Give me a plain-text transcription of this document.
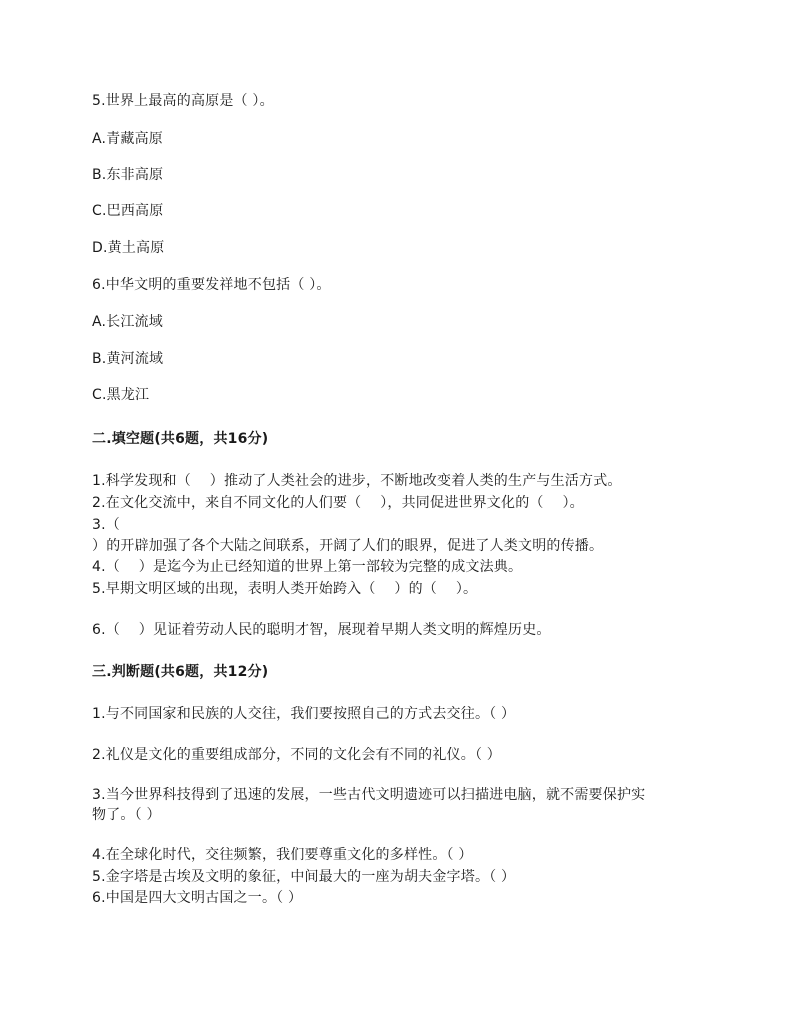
5.世界上最高的高原是（ ）。
A.青藏高原
B.东非高原
C.巴西高原
D.黄土高原
6.中华文明的重要发祥地不包括（ ）。
A.长江流域
B.黄河流域
C.黑龙江
二.填空题(共6题，共16分)
1.科学发现和（　 ）推动了人类社会的进步，不断地改变着人类的生产与生活方式。
2.在文化交流中，来自不同文化的人们要（　 ），共同促进世界文化的（　 ）。
3.（
）的开辟加强了各个大陆之间联系，开阔了人们的眼界，促进了人类文明的传播。
4.（　 ）是迄今为止已经知道的世界上第一部较为完整的成文法典。
5.早期文明区域的出现，表明人类开始跨入（　 ）的（　 ）。
6.（　 ）见证着劳动人民的聪明才智，展现着早期人类文明的辉煌历史。
三.判断题(共6题，共12分)
1.与不同国家和民族的人交往，我们要按照自己的方式去交往。（ ）
2.礼仪是文化的重要组成部分，不同的文化会有不同的礼仪。（ ）
3.当今世界科技得到了迅速的发展，一些古代文明遗迹可以扫描进电脑，就不需要保护实
物了。（ ）
4.在全球化时代，交往频繁，我们要尊重文化的多样性。（ ）
5.金字塔是古埃及文明的象征，中间最大的一座为胡夫金字塔。（ ）
6.中国是四大文明古国之一。（ ）
